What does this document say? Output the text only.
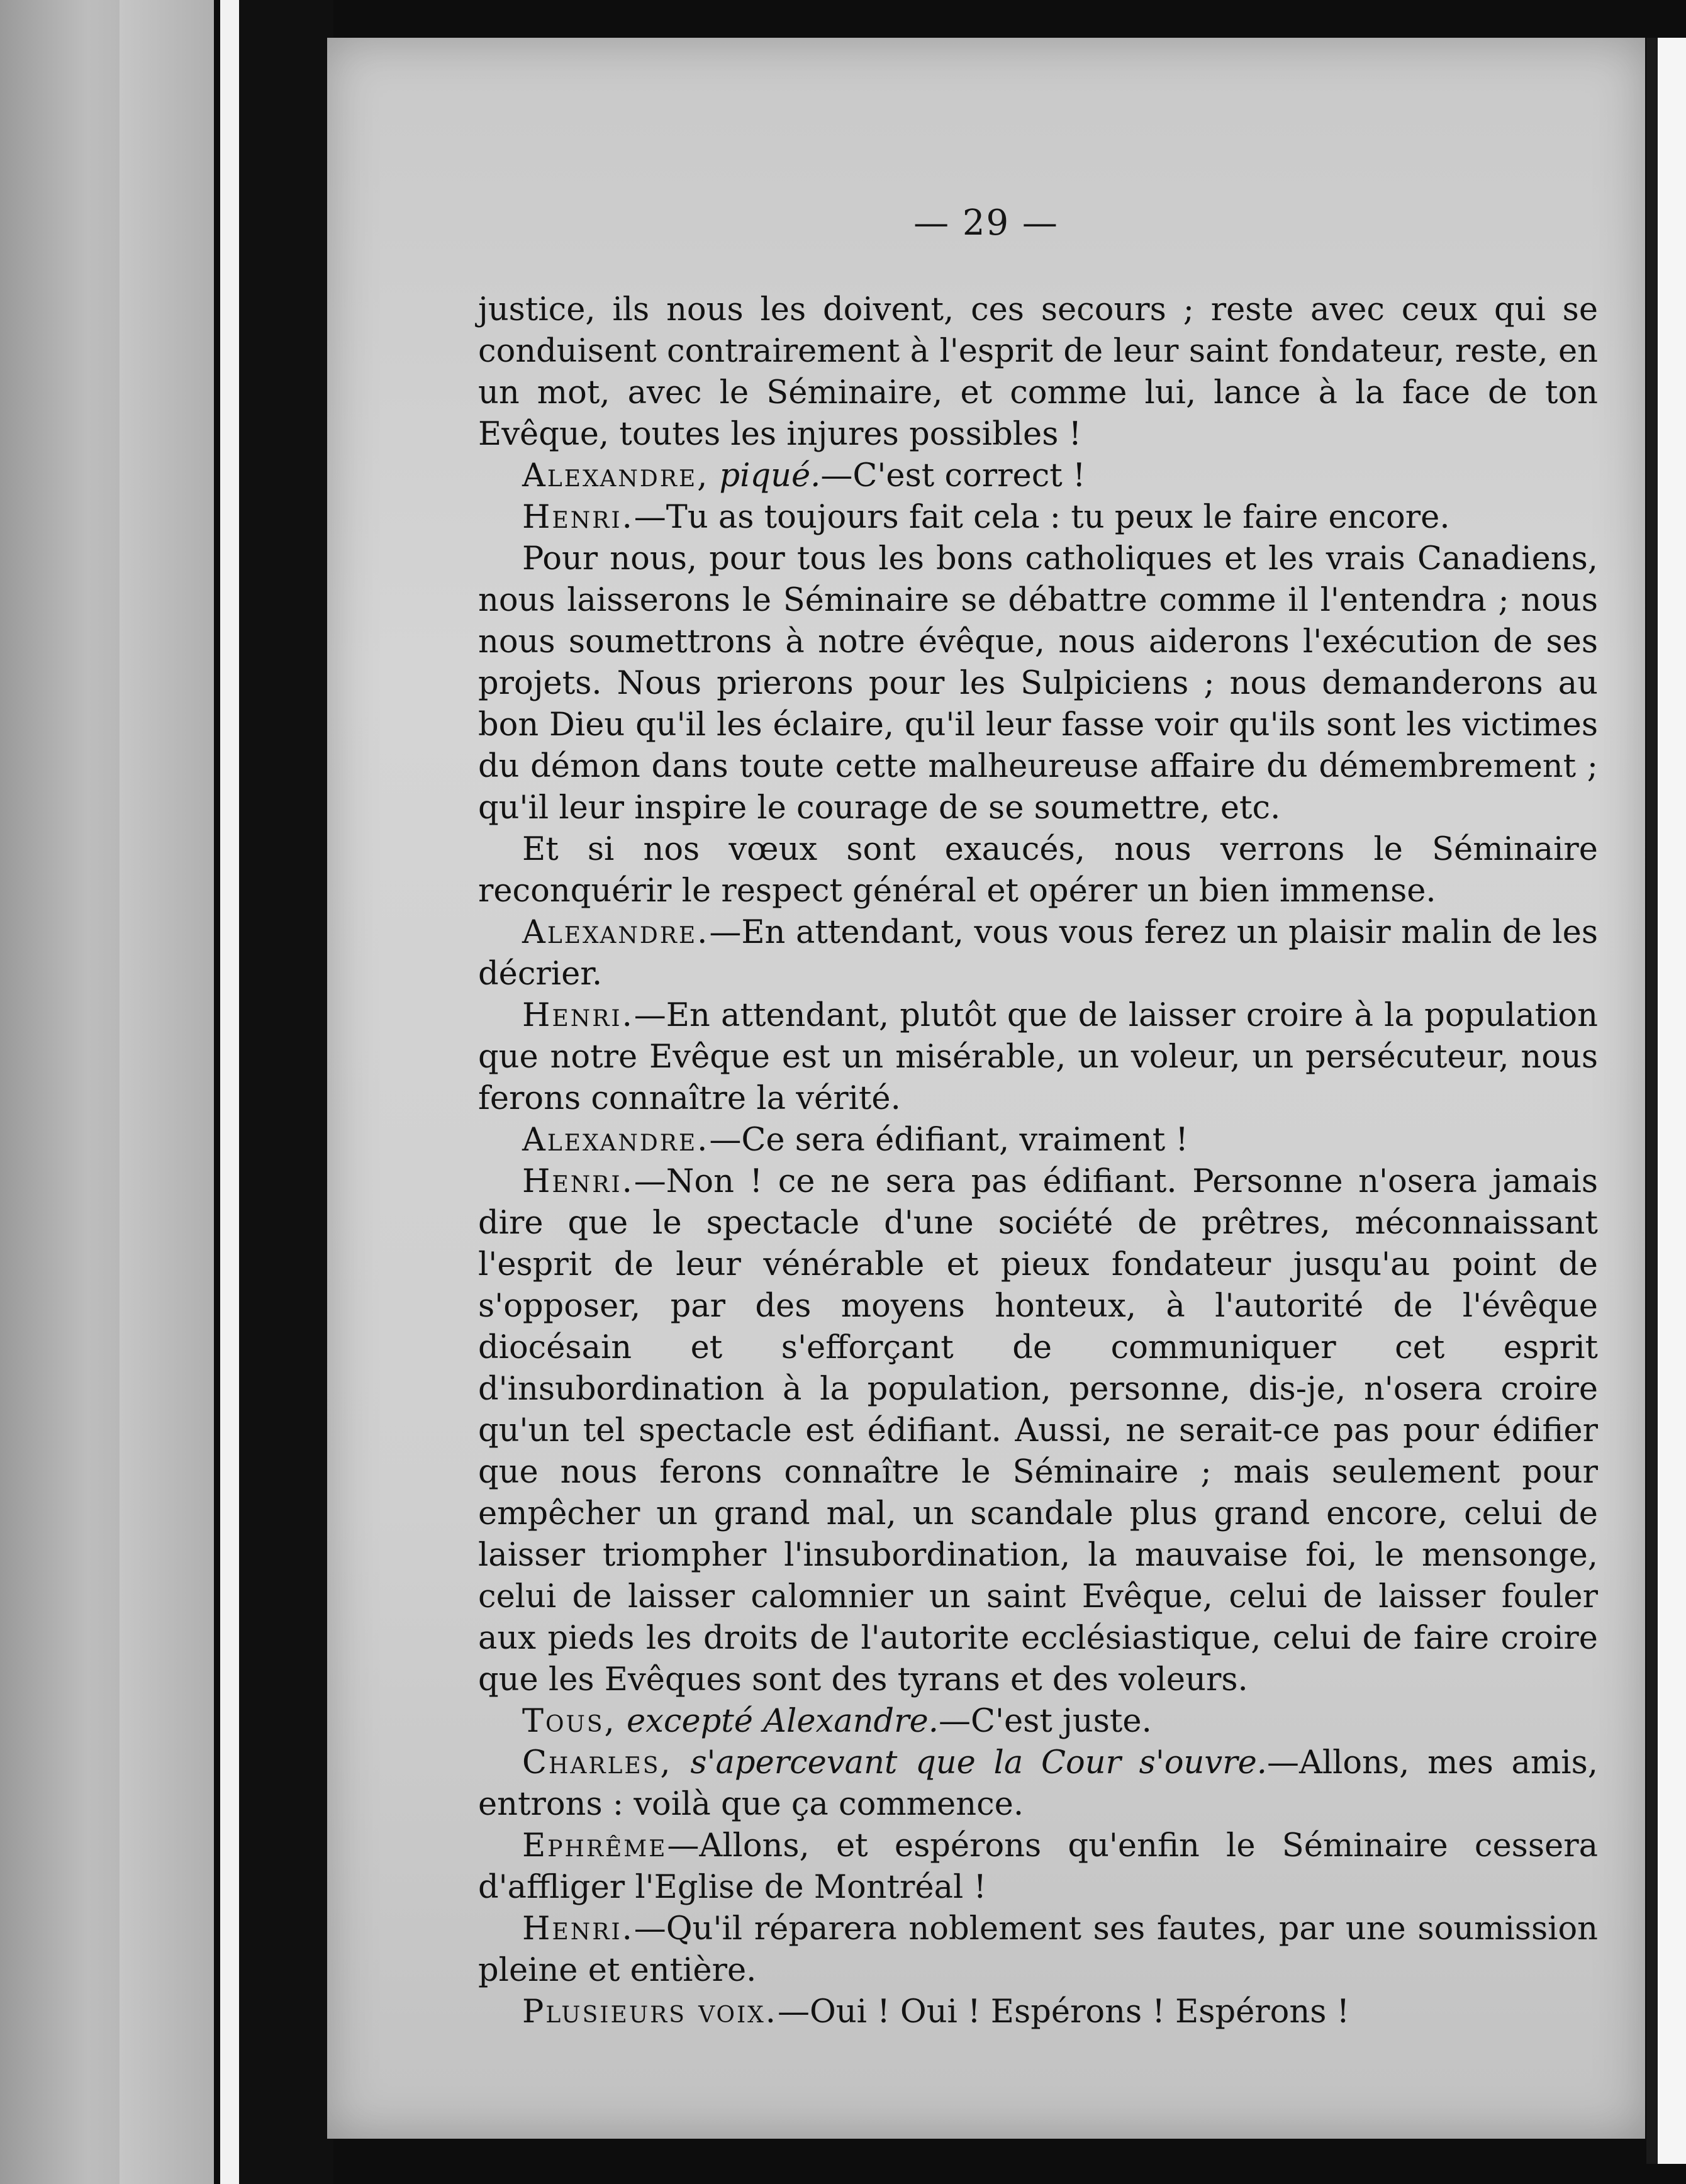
— 29 —

justice, ils nous les doivent, ces secours ; reste avec ceux qui se conduisent contrairement à l'esprit de leur saint fondateur, reste, en un mot, avec le Séminaire, et comme lui, lance à la face de ton Evêque, toutes les injures possibles !

Alexandre, piqué.—C'est correct !

Henri.—Tu as toujours fait cela : tu peux le faire encore.

Pour nous, pour tous les bons catholiques et les vrais Canadiens, nous laisserons le Séminaire se débattre comme il l'entendra ; nous nous soumettrons à notre évêque, nous aiderons l'exécution de ses projets. Nous prierons pour les Sulpiciens ; nous demanderons au bon Dieu qu'il les éclaire, qu'il leur fasse voir qu'ils sont les victimes du démon dans toute cette malheureuse affaire du démembrement ; qu'il leur inspire le courage de se soumettre, etc.

Et si nos vœux sont exaucés, nous verrons le Séminaire reconquérir le respect général et opérer un bien immense.

Alexandre.—En attendant, vous vous ferez un plaisir malin de les décrier.

Henri.—En attendant, plutôt que de laisser croire à la population que notre Evêque est un misérable, un voleur, un persécuteur, nous ferons connaître la vérité.

Alexandre.—Ce sera édifiant, vraiment !

Henri.—Non ! ce ne sera pas édifiant. Personne n'osera jamais dire que le spectacle d'une société de prêtres, méconnaissant l'esprit de leur vénérable et pieux fondateur jusqu'au point de s'opposer, par des moyens honteux, à l'autorité de l'évêque diocésain et s'efforçant de communiquer cet esprit d'insubordination à la population, personne, dis-je, n'osera croire qu'un tel spectacle est édifiant. Aussi, ne serait-ce pas pour édifier que nous ferons connaître le Séminaire ; mais seulement pour empêcher un grand mal, un scandale plus grand encore, celui de laisser triompher l'insubordination, la mauvaise foi, le mensonge, celui de laisser calomnier un saint Evêque, celui de laisser fouler aux pieds les droits de l'autorite ecclésiastique, celui de faire croire que les Evêques sont des tyrans et des voleurs.

Tous, excepté Alexandre.—C'est juste.

Charles, s'apercevant que la Cour s'ouvre.—Allons, mes amis, entrons : voilà que ça commence.

Ephrême—Allons, et espérons qu'enfin le Séminaire cessera d'affliger l'Eglise de Montréal !

Henri.—Qu'il réparera noblement ses fautes, par une soumission pleine et entière.

Plusieurs voix.—Oui ! Oui ! Espérons ! Espérons !
